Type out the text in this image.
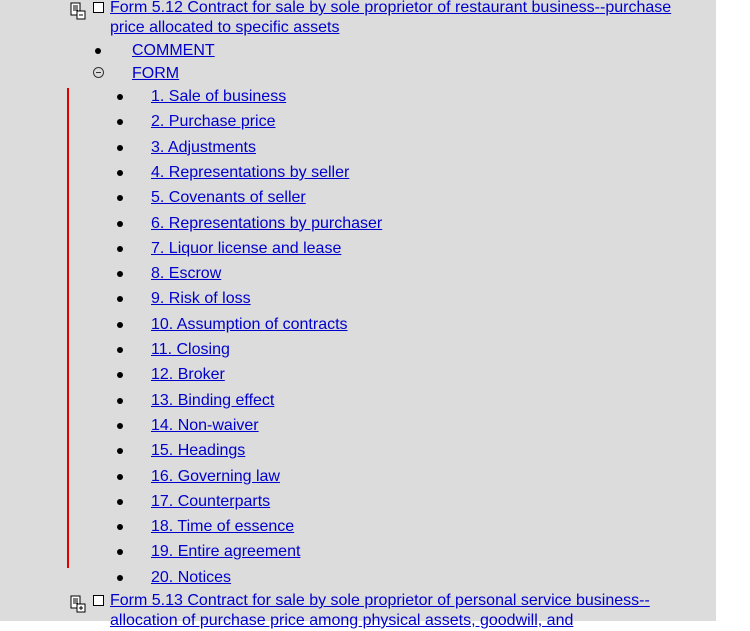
Form 5.12 Contract for sale by sole proprietor of restaurant business--purchase price allocated to specific assets
COMMENT
FORM
1. Sale of business
2. Purchase price
3. Adjustments
4. Representations by seller
5. Covenants of seller
6. Representations by purchaser
7. Liquor license and lease
8. Escrow
9. Risk of loss
10. Assumption of contracts
11. Closing
12. Broker
13. Binding effect
14. Non-waiver
15. Headings
16. Governing law
17. Counterparts
18. Time of essence
19. Entire agreement
20. Notices
Form 5.13 Contract for sale by sole proprietor of personal service business--allocation of purchase price among physical assets, goodwill, and
